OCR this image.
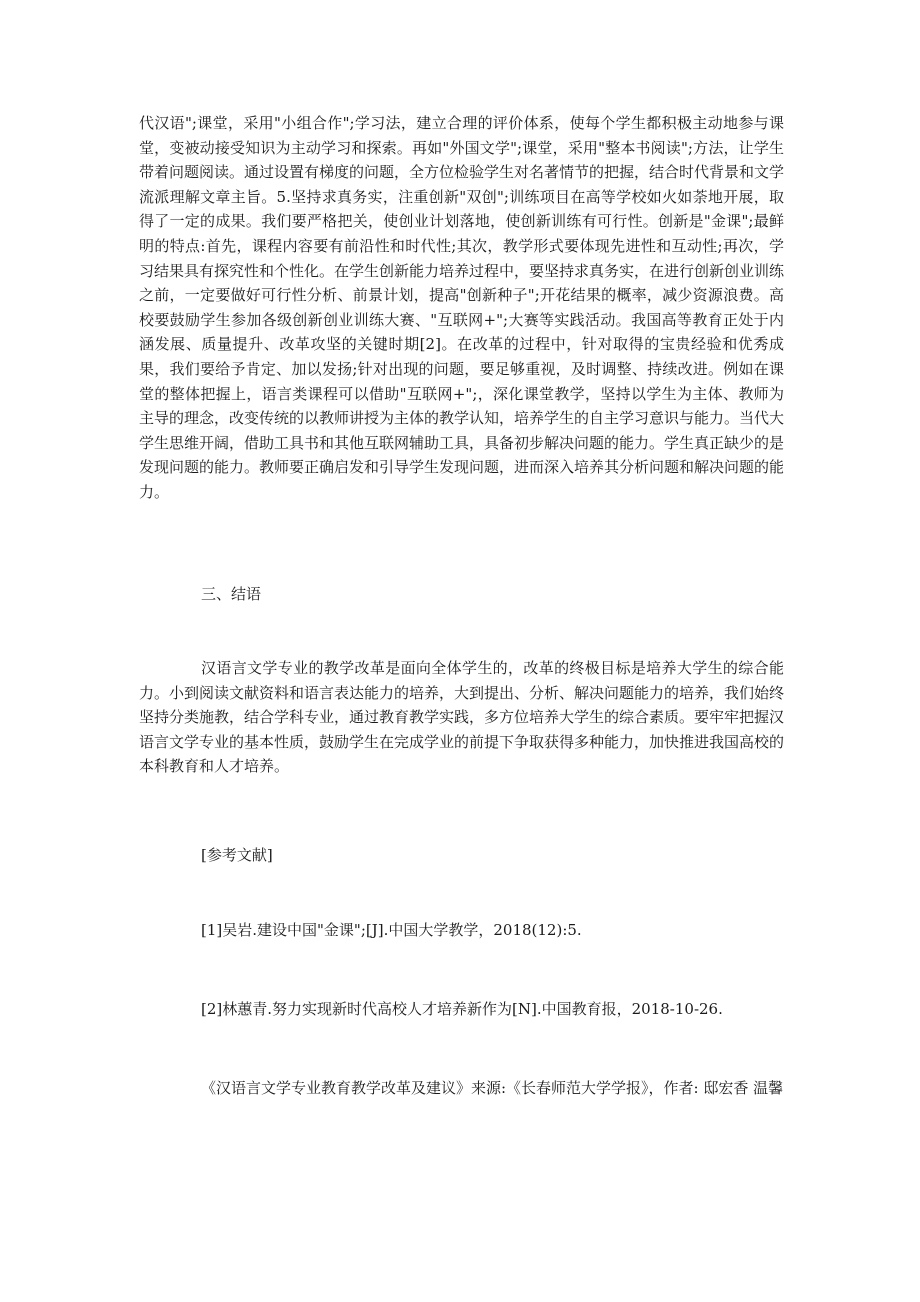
代汉语";课堂，采用"小组合作";学习法，建立合理的评价体系，使每个学生都积极主动地参与课堂，变被动接受知识为主动学习和探索。再如"外国文学";课堂，采用"整本书阅读";方法，让学生带着问题阅读。通过设置有梯度的问题，全方位检验学生对名著情节的把握，结合时代背景和文学流派理解文章主旨。5.坚持求真务实，注重创新"双创";训练项目在高等学校如火如荼地开展，取得了一定的成果。我们要严格把关，使创业计划落地，使创新训练有可行性。创新是"金课";最鲜明的特点:首先，课程内容要有前沿性和时代性;其次，教学形式要体现先进性和互动性;再次，学习结果具有探究性和个性化。在学生创新能力培养过程中，要坚持求真务实，在进行创新创业训练之前，一定要做好可行性分析、前景计划，提高"创新种子";开花结果的概率，减少资源浪费。高校要鼓励学生参加各级创新创业训练大赛、"互联网+";大赛等实践活动。我国高等教育正处于内涵发展、质量提升、改革攻坚的关键时期[2]。在改革的过程中，针对取得的宝贵经验和优秀成果，我们要给予肯定、加以发扬;针对出现的问题，要足够重视，及时调整、持续改进。例如在课堂的整体把握上，语言类课程可以借助"互联网+";，深化课堂教学，坚持以学生为主体、教师为主导的理念，改变传统的以教师讲授为主体的教学认知，培养学生的自主学习意识与能力。当代大学生思维开阔，借助工具书和其他互联网辅助工具，具备初步解决问题的能力。学生真正缺少的是发现问题的能力。教师要正确启发和引导学生发现问题，进而深入培养其分析问题和解决问题的能力。

三、结语

汉语言文学专业的教学改革是面向全体学生的，改革的终极目标是培养大学生的综合能力。小到阅读文献资料和语言表达能力的培养，大到提出、分析、解决问题能力的培养，我们始终坚持分类施教，结合学科专业，通过教育教学实践，多方位培养大学生的综合素质。要牢牢把握汉语言文学专业的基本性质，鼓励学生在完成学业的前提下争取获得多种能力，加快推进我国高校的本科教育和人才培养。

[参考文献]

[1]吴岩.建设中国"金课";[J].中国大学教学，2018(12):5.

[2]林蕙青.努力实现新时代高校人才培养新作为[N].中国教育报，2018-10-26.

《汉语言文学专业教育教学改革及建议》来源:《长春师范大学学报》，作者: 邸宏香 温馨
